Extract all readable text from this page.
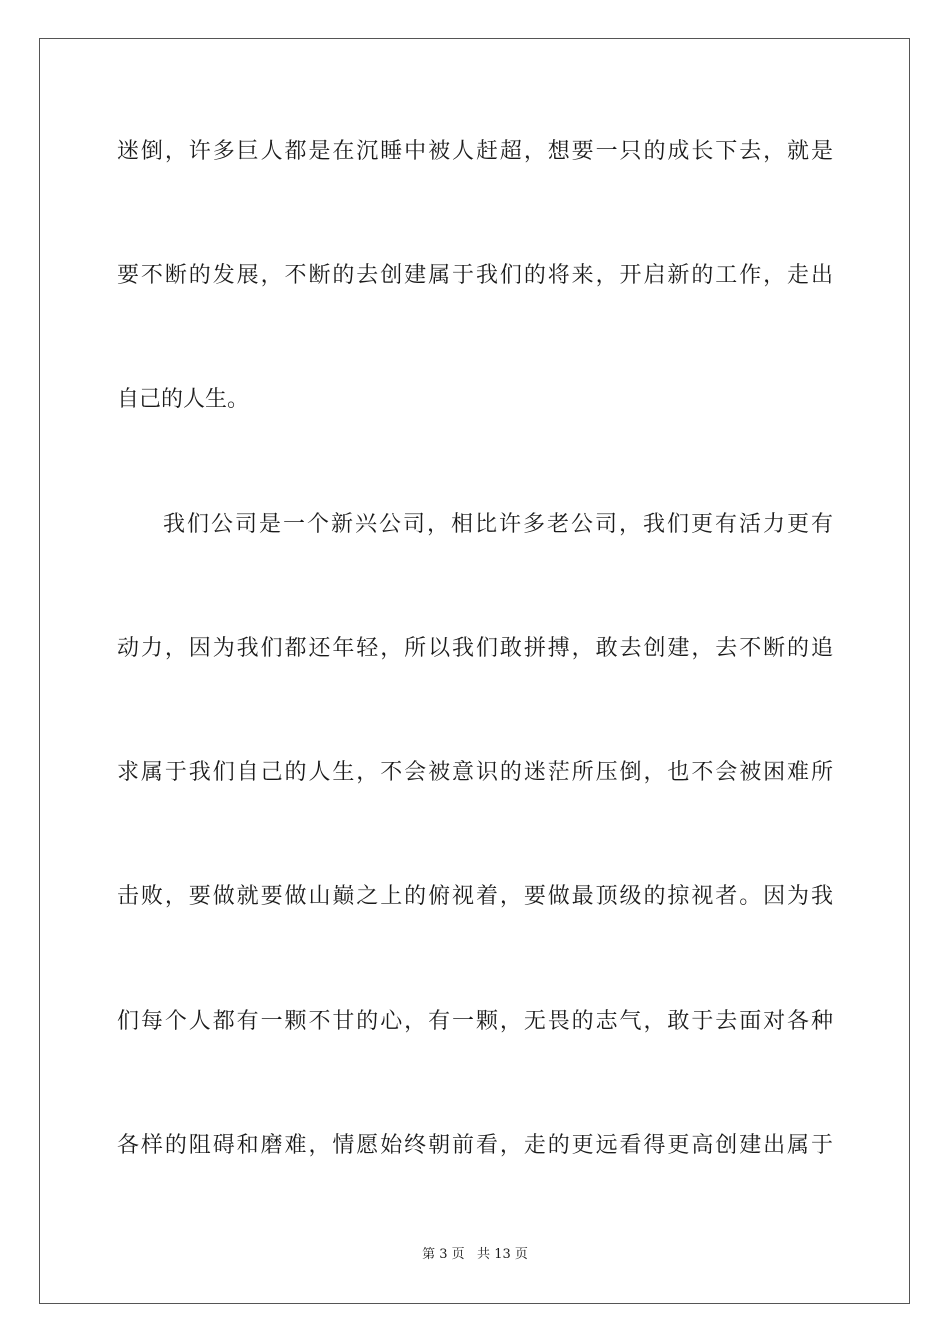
迷倒，许多巨人都是在沉睡中被人赶超，想要一只的成长下去，就是
要不断的发展，不断的去创建属于我们的将来，开启新的工作，走出
自己的人生。
我们公司是一个新兴公司，相比许多老公司，我们更有活力更有
动力，因为我们都还年轻，所以我们敢拼搏，敢去创建，去不断的追
求属于我们自己的人生，不会被意识的迷茫所压倒，也不会被困难所
击败，要做就要做山巅之上的俯视着，要做最顶级的掠视者。因为我
们每个人都有一颗不甘的心，有一颗，无畏的志气，敢于去面对各种
各样的阻碍和磨难，情愿始终朝前看，走的更远看得更高创建出属于
第 3 页   共 13 页
